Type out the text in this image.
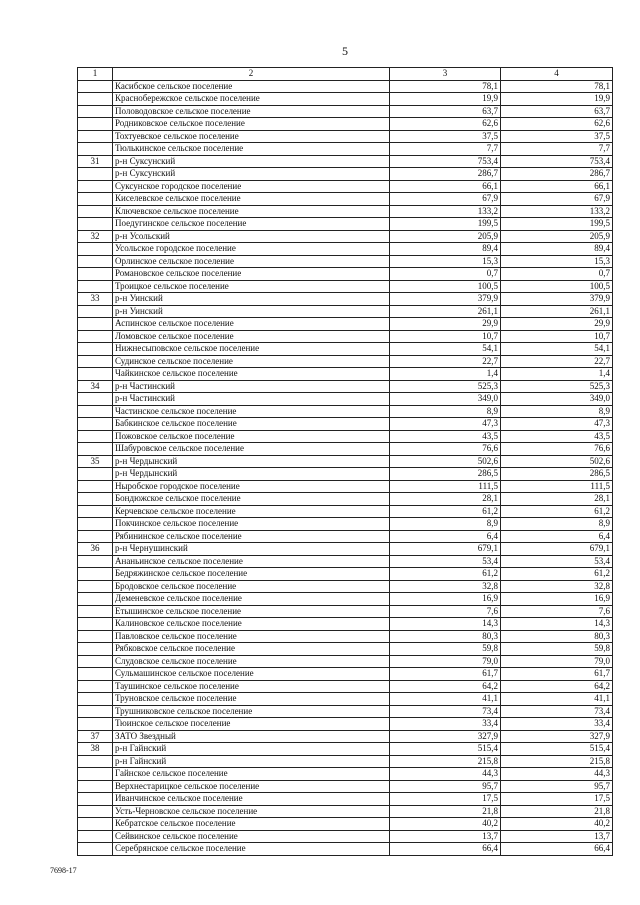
5
1	2	3	4
	Касибское сельское поселение	78,1	78,1
	Краснобережское сельское поселение	19,9	19,9
	Половодовское сельское поселение	63,7	63,7
	Родниковское сельское поселение	62,6	62,6
	Тохтуевское сельское поселение	37,5	37,5
	Тюлькинское сельское поселение	7,7	7,7
31	р-н Суксунский	753,4	753,4
	р-н Суксунский	286,7	286,7
	Суксунское городское поселение	66,1	66,1
	Киселевское сельское поселение	67,9	67,9
	Ключевское сельское поселение	133,2	133,2
	Поедугинское сельское поселение	199,5	199,5
32	р-н Усольский	205,9	205,9
	Усольское городское поселение	89,4	89,4
	Орлинское сельское поселение	15,3	15,3
	Романовское сельское поселение	0,7	0,7
	Троицкое сельское поселение	100,5	100,5
33	р-н Уинский	379,9	379,9
	р-н Уинский	261,1	261,1
	Аспинское сельское поселение	29,9	29,9
	Ломовское сельское поселение	10,7	10,7
	Нижнесыповское сельское поселение	54,1	54,1
	Судинское сельское поселение	22,7	22,7
	Чайкинское сельское поселение	1,4	1,4
34	р-н Частинский	525,3	525,3
	р-н Частинский	349,0	349,0
	Частинское сельское поселение	8,9	8,9
	Бабкинское сельское поселение	47,3	47,3
	Пожовское сельское поселение	43,5	43,5
	Шабуровское сельское поселение	76,6	76,6
35	р-н Чердынский	502,6	502,6
	р-н Чердынский	286,5	286,5
	Ныробское городское поселение	111,5	111,5
	Бондюжское сельское поселение	28,1	28,1
	Керчевское сельское поселение	61,2	61,2
	Покчинское сельское поселение	8,9	8,9
	Рябининское сельское поселение	6,4	6,4
36	р-н Чернушинский	679,1	679,1
	Ананьинское сельское поселение	53,4	53,4
	Бедряжинское сельское поселение	61,2	61,2
	Бродовское сельское поселение	32,8	32,8
	Деменевское сельское поселение	16,9	16,9
	Етышинское сельское поселение	7,6	7,6
	Калиновское сельское поселение	14,3	14,3
	Павловское сельское поселение	80,3	80,3
	Рябковское сельское поселение	59,8	59,8
	Слудовское сельское поселение	79,0	79,0
	Сульмашинское сельское поселение	61,7	61,7
	Таушинское сельское поселение	64,2	64,2
	Труновское сельское поселение	41,1	41,1
	Трушниковское сельское поселение	73,4	73,4
	Тюинское сельское поселение	33,4	33,4
37	ЗАТО Звездный	327,9	327,9
38	р-н Гайнский	515,4	515,4
	р-н Гайнский	215,8	215,8
	Гайнское сельское поселение	44,3	44,3
	Верхнестарицкое сельское поселение	95,7	95,7
	Иванчинское сельское поселение	17,5	17,5
	Усть-Черновское сельское поселение	21,8	21,8
	Кебратское сельское поселение	40,2	40,2
	Сейвинское сельское поселение	13,7	13,7
	Серебрянское сельское поселение	66,4	66,4
7698-17
